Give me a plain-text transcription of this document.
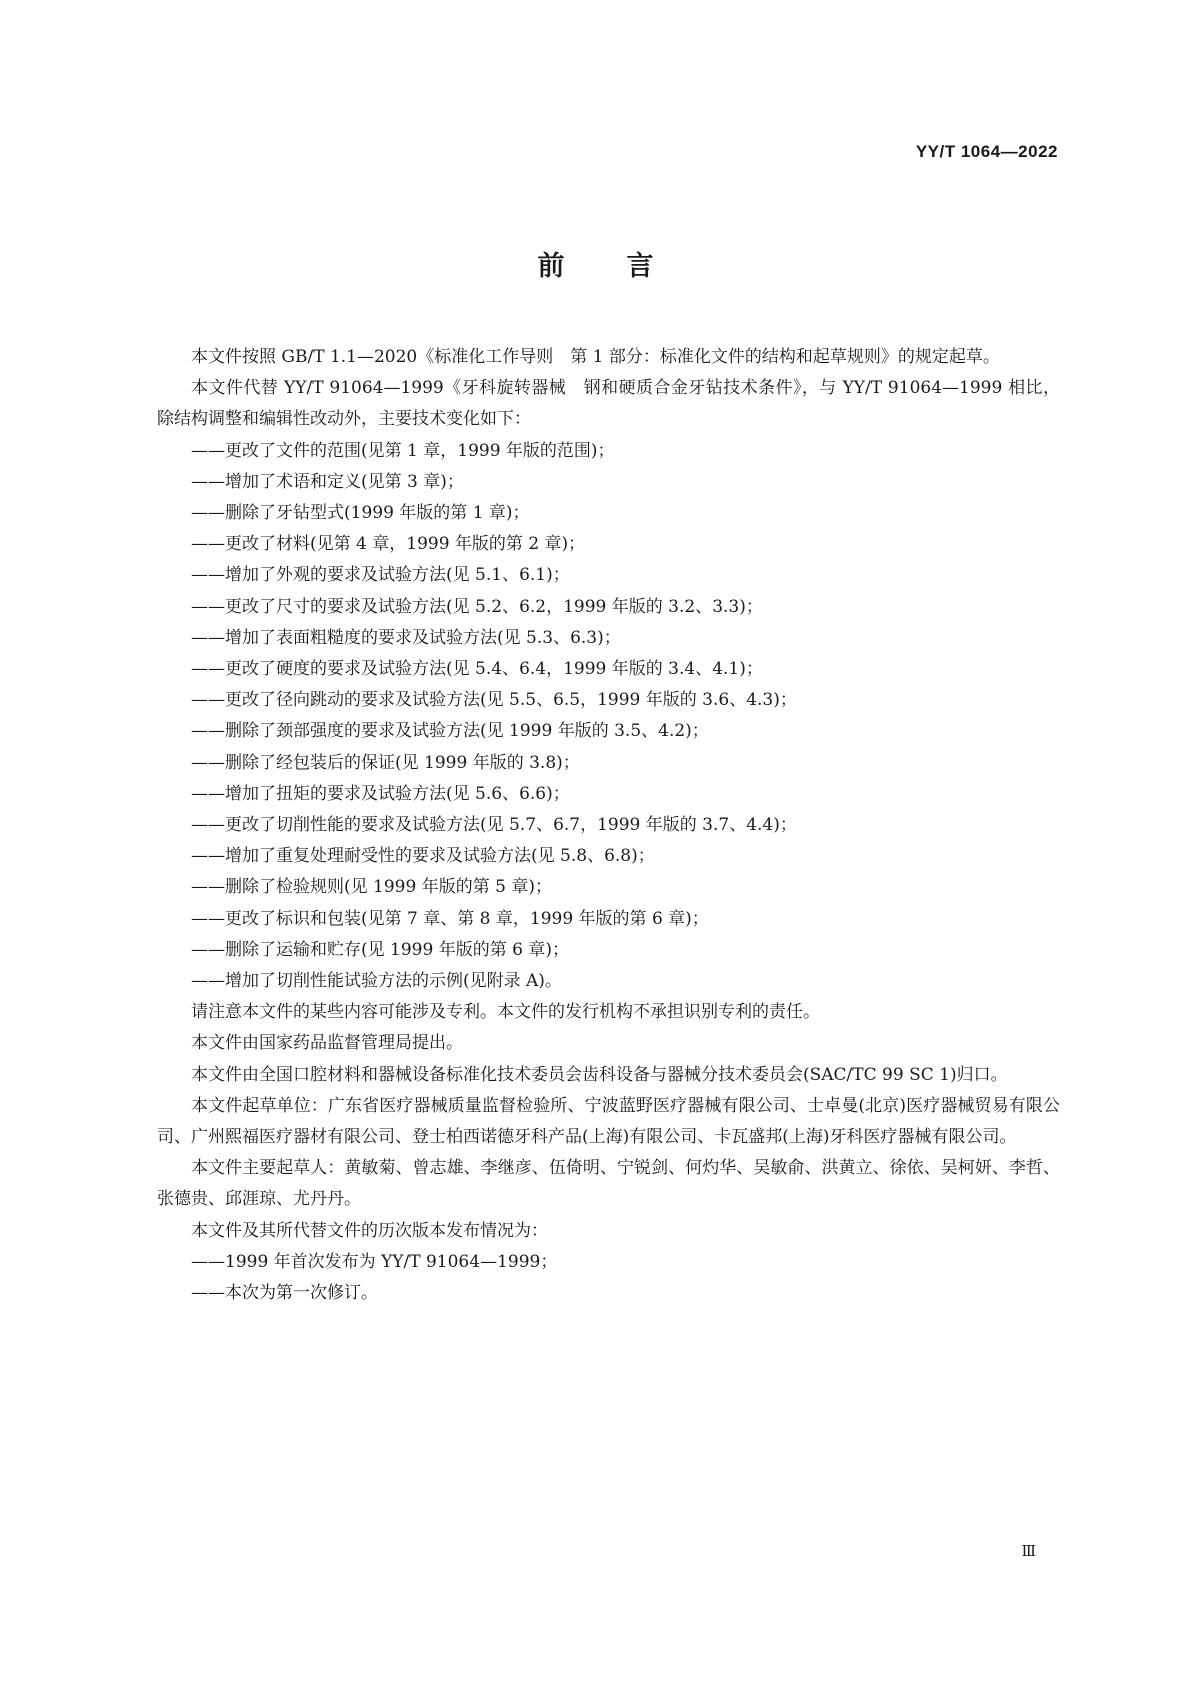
YY/T 1064—2022
前言

本文件按照 GB/T 1.1—2020《标准化工作导则　第 1 部分：标准化文件的结构和起草规则》的规定起草。

本文件代替 YY/T 91064—1999《牙科旋转器械　钢和硬质合金牙钻技术条件》，与 YY/T 91064—1999 相比，除结构调整和编辑性改动外，主要技术变化如下：

——更改了文件的范围(见第 1 章，1999 年版的范围)；

——增加了术语和定义(见第 3 章)；

——删除了牙钻型式(1999 年版的第 1 章)；

——更改了材料(见第 4 章，1999 年版的第 2 章)；

——增加了外观的要求及试验方法(见 5.1、6.1)；

——更改了尺寸的要求及试验方法(见 5.2、6.2，1999 年版的 3.2、3.3)；

——增加了表面粗糙度的要求及试验方法(见 5.3、6.3)；

——更改了硬度的要求及试验方法(见 5.4、6.4，1999 年版的 3.4、4.1)；

——更改了径向跳动的要求及试验方法(见 5.5、6.5，1999 年版的 3.6、4.3)；

——删除了颈部强度的要求及试验方法(见 1999 年版的 3.5、4.2)；

——删除了经包装后的保证(见 1999 年版的 3.8)；

——增加了扭矩的要求及试验方法(见 5.6、6.6)；

——更改了切削性能的要求及试验方法(见 5.7、6.7，1999 年版的 3.7、4.4)；

——增加了重复处理耐受性的要求及试验方法(见 5.8、6.8)；

——删除了检验规则(见 1999 年版的第 5 章)；

——更改了标识和包装(见第 7 章、第 8 章，1999 年版的第 6 章)；

——删除了运输和贮存(见 1999 年版的第 6 章)；

——增加了切削性能试验方法的示例(见附录 A)。

请注意本文件的某些内容可能涉及专利。本文件的发行机构不承担识别专利的责任。

本文件由国家药品监督管理局提出。

本文件由全国口腔材料和器械设备标准化技术委员会齿科设备与器械分技术委员会(SAC/TC 99 SC 1)归口。

本文件起草单位：广东省医疗器械质量监督检验所、宁波蓝野医疗器械有限公司、士卓曼(北京)医疗器械贸易有限公司、广州熙福医疗器材有限公司、登士柏西诺德牙科产品(上海)有限公司、卡瓦盛邦(上海)牙科医疗器械有限公司。

本文件主要起草人：黄敏菊、曾志雄、李继彦、伍倚明、宁锐剑、何灼华、吴敏俞、洪黄立、徐依、吴柯妍、李哲、张德贵、邱涯琼、尤丹丹。

本文件及其所代替文件的历次版本发布情况为：

——1999 年首次发布为 YY/T 91064—1999；

——本次为第一次修订。

Ⅲ
